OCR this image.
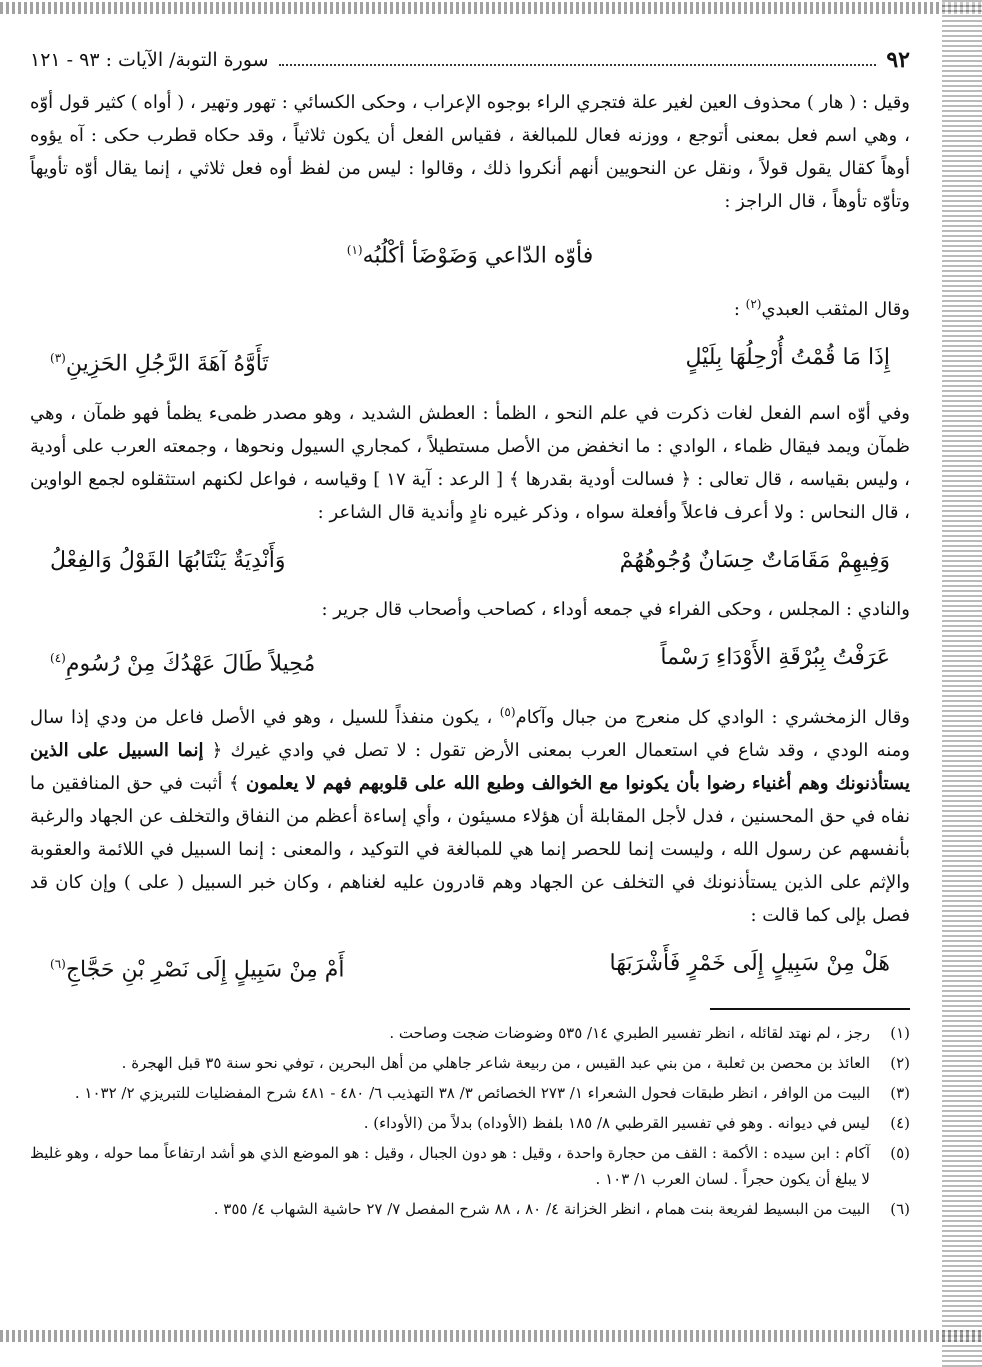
٩٢
سورة التوبة/ الآيات : ٩٣ - ١٢١

وقيل : ( هار ) محذوف العين لغير علة فتجري الراء بوجوه الإعراب ، وحكى الكسائي : تهور وتهير ، ( أواه ) كثير قول أوّه ، وهي اسم فعل بمعنى أتوجع ، ووزنه فعال للمبالغة ، فقياس الفعل أن يكون ثلاثياً ، وقد حكاه قطرب حكى : آه يؤوه أوهاً كقال يقول قولاً ، ونقل عن النحويين أنهم أنكروا ذلك ، وقالوا : ليس من لفظ أوه فعل ثلاثي ، إنما يقال أوّه تأويهاً وتأوّه تأوهاً ، قال الراجز :

فأوّه الدّاعي وَضَوْضَأ أكْلُبُه$^{(١)}$

وقال المثقب العبدي$^{(٢)}$ :

إِذَا مَا قُمْتُ أُرْحِلُهَا بِلَيْلٍ
تَأَوَّهُ آهَةَ الرَّجُلِ الحَزِينِ$^{(٣)}$

وفي أوّه اسم الفعل لغات ذكرت في علم النحو ، الظمأ : العطش الشديد ، وهو مصدر ظمىء يظمأ فهو ظمآن ، وهي ظمآن ويمد فيقال ظماء ، الوادي : ما انخفض من الأصل مستطيلاً ، كمجاري السيول ونحوها ، وجمعته العرب على أودية ، وليس بقياسه ، قال تعالى : ﴿ فسالت أودية بقدرها ﴾ [ الرعد : آية ١٧ ] وقياسه ، فواعل لكنهم استثقلوه لجمع الواوين ، قال النحاس : ولا أعرف فاعلاً وأفعلة سواه ، وذكر غيره نادٍ وأندية قال الشاعر :

وَفِيهِمْ مَقَامَاتٌ حِسَانٌ وُجُوهُهُمْ
وَأَنْدِيَةٌ يَنْتَابُهَا القَوْلُ وَالفِعْلُ

والنادي : المجلس ، وحكى الفراء في جمعه أوداء ، كصاحب وأصحاب قال جرير :

عَرَفْتُ بِبُرْقَةِ الأَوْدَاءِ رَسْماً
مُحِيلاً طَالَ عَهْدُكَ مِنْ رُسُومِ$^{(٤)}$

وقال الزمخشري : الوادي كل منعرج من جبال وآكام$^{(٥)}$ ، يكون منفذاً للسيل ، وهو في الأصل فاعل من ودي إذا سال ومنه الودي ، وقد شاع في استعمال العرب بمعنى الأرض تقول : لا تصل في وادي غيرك ﴿ إنما السبيل على الذين يستأذنونك وهم أغنياء رضوا بأن يكونوا مع الخوالف وطبع الله على قلوبهم فهم لا يعلمون ﴾ أثبت في حق المنافقين ما نفاه في حق المحسنين ، فدل لأجل المقابلة أن هؤلاء مسيئون ، وأي إساءة أعظم من النفاق والتخلف عن الجهاد والرغبة بأنفسهم عن رسول الله ، وليست إنما للحصر إنما هي للمبالغة في التوكيد ، والمعنى : إنما السبيل في اللائمة والعقوبة والإثم على الذين يستأذنونك في التخلف عن الجهاد وهم قادرون عليه لغناهم ، وكان خبر السبيل ( على ) وإن كان قد فصل بإلى كما قالت :

هَلْ مِنْ سَبِيلٍ إِلَى خَمْرٍ فَأَشْرَبَهَا
أَمْ مِنْ سَبِيلٍ إِلَى نَصْرِ بْنِ حَجَّاجِ$^{(٦)}$
(١)
رجز ، لم نهتد لقائله ، انظر تفسير الطبري ١٤/ ٥٣٥ وضوضات ضجت وصاحت .
(٢)
العائذ بن محصن بن ثعلبة ، من بني عبد القيس ، من ربيعة شاعر جاهلي من أهل البحرين ، توفي نحو سنة ٣٥ قبل الهجرة .
(٣)
البيت من الوافر ، انظر طبقات فحول الشعراء ١/ ٢٧٣ الخصائص ٣/ ٣٨ التهذيب ٦/ ٤٨٠ - ٤٨١ شرح المفضليات للتبريزي ٢/ ١٠٣٢ .
(٤)
ليس في ديوانه . وهو في تفسير القرطبي ٨/ ١٨٥ بلفظ (الأوداه) بدلاً من (الأوداء) .
(٥)
آكام : ابن سيده : الأكمة : القف من حجارة واحدة ، وقيل : هو دون الجبال ، وقيل : هو الموضع الذي هو أشد ارتفاعاً مما حوله ، وهو غليظ لا يبلغ أن يكون حجراً . لسان العرب ١/ ١٠٣ .
(٦)
البيت من البسيط لفريعة بنت همام ، انظر الخزانة ٤/ ٨٠ ، ٨٨ شرح المفصل ٧/ ٢٧ حاشية الشهاب ٤/ ٣٥٥ .
